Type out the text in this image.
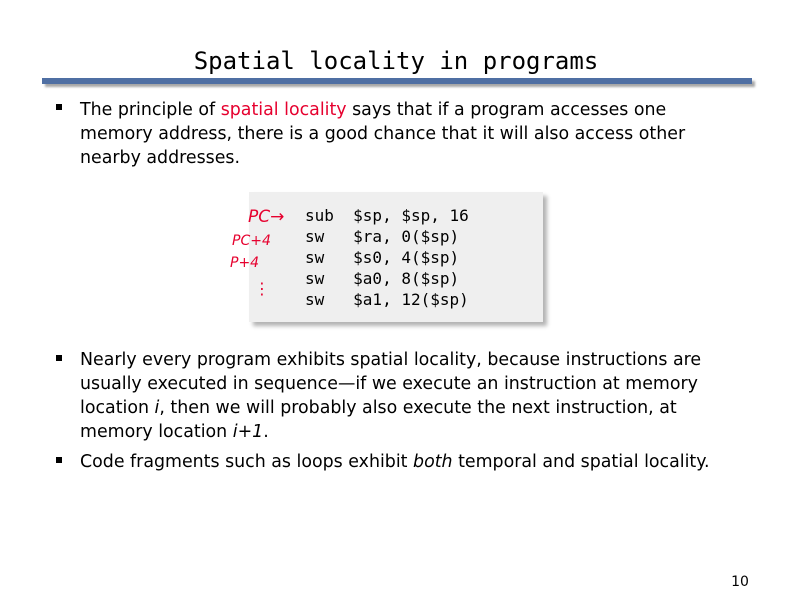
Spatial locality in programs
The principle of spatial locality says that if a program accesses one
memory address, there is a good chance that it will also access other
nearby addresses.
sub  $sp, $sp, 16
sw   $ra, 0($sp)
sw   $s0, 4($sp)
sw   $a0, 8($sp)
sw   $a1, 12($sp)
PC→
PC+4
P+4
⋮
Nearly every program exhibits spatial locality, because instructions are
usually executed in sequence—if we execute an instruction at memory
location i, then we will probably also execute the next instruction, at
memory location i+1.
Code fragments such as loops exhibit both temporal and spatial locality.
10
